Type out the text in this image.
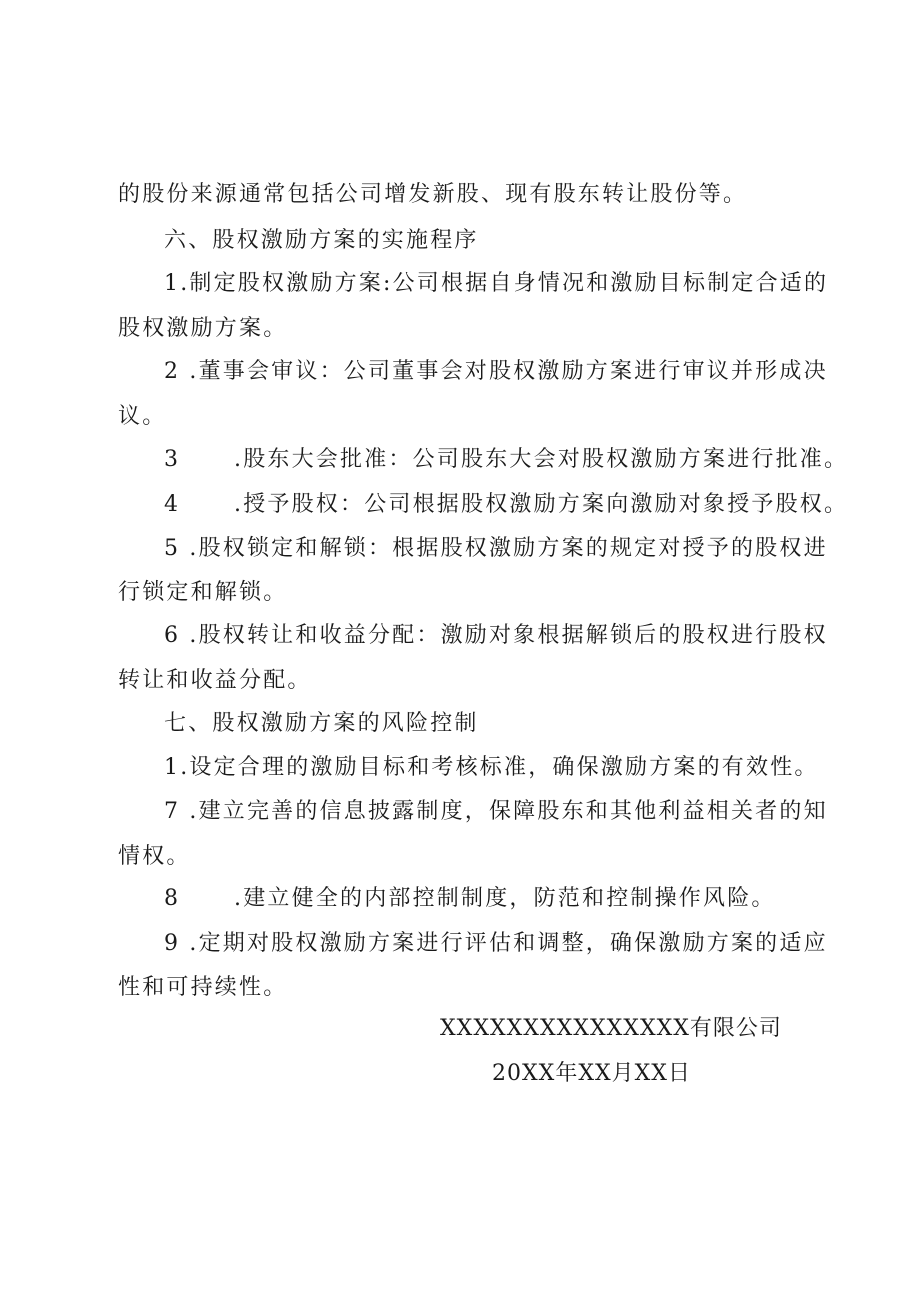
的股份来源通常包括公司增发新股、现有股东转让股份等。
六、股权激励方案的实施程序
1.制定股权激励方案:公司根据自身情况和激励目标制定合适的
股权激励方案。
2 .董事会审议：公司董事会对股权激励方案进行审议并形成决
议。
3 .股东大会批准：公司股东大会对股权激励方案进行批准。
4 .授予股权：公司根据股权激励方案向激励对象授予股权。
5 .股权锁定和解锁：根据股权激励方案的规定对授予的股权进
行锁定和解锁。
6 .股权转让和收益分配：激励对象根据解锁后的股权进行股权
转让和收益分配。
七、股权激励方案的风险控制
1.设定合理的激励目标和考核标准，确保激励方案的有效性。
7 .建立完善的信息披露制度，保障股东和其他利益相关者的知
情权。
8 .建立健全的内部控制制度，防范和控制操作风险。
9 .定期对股权激励方案进行评估和调整，确保激励方案的适应
性和可持续性。
XXXXXXXXXXXXXXX有限公司
20XX年XX月XX日
